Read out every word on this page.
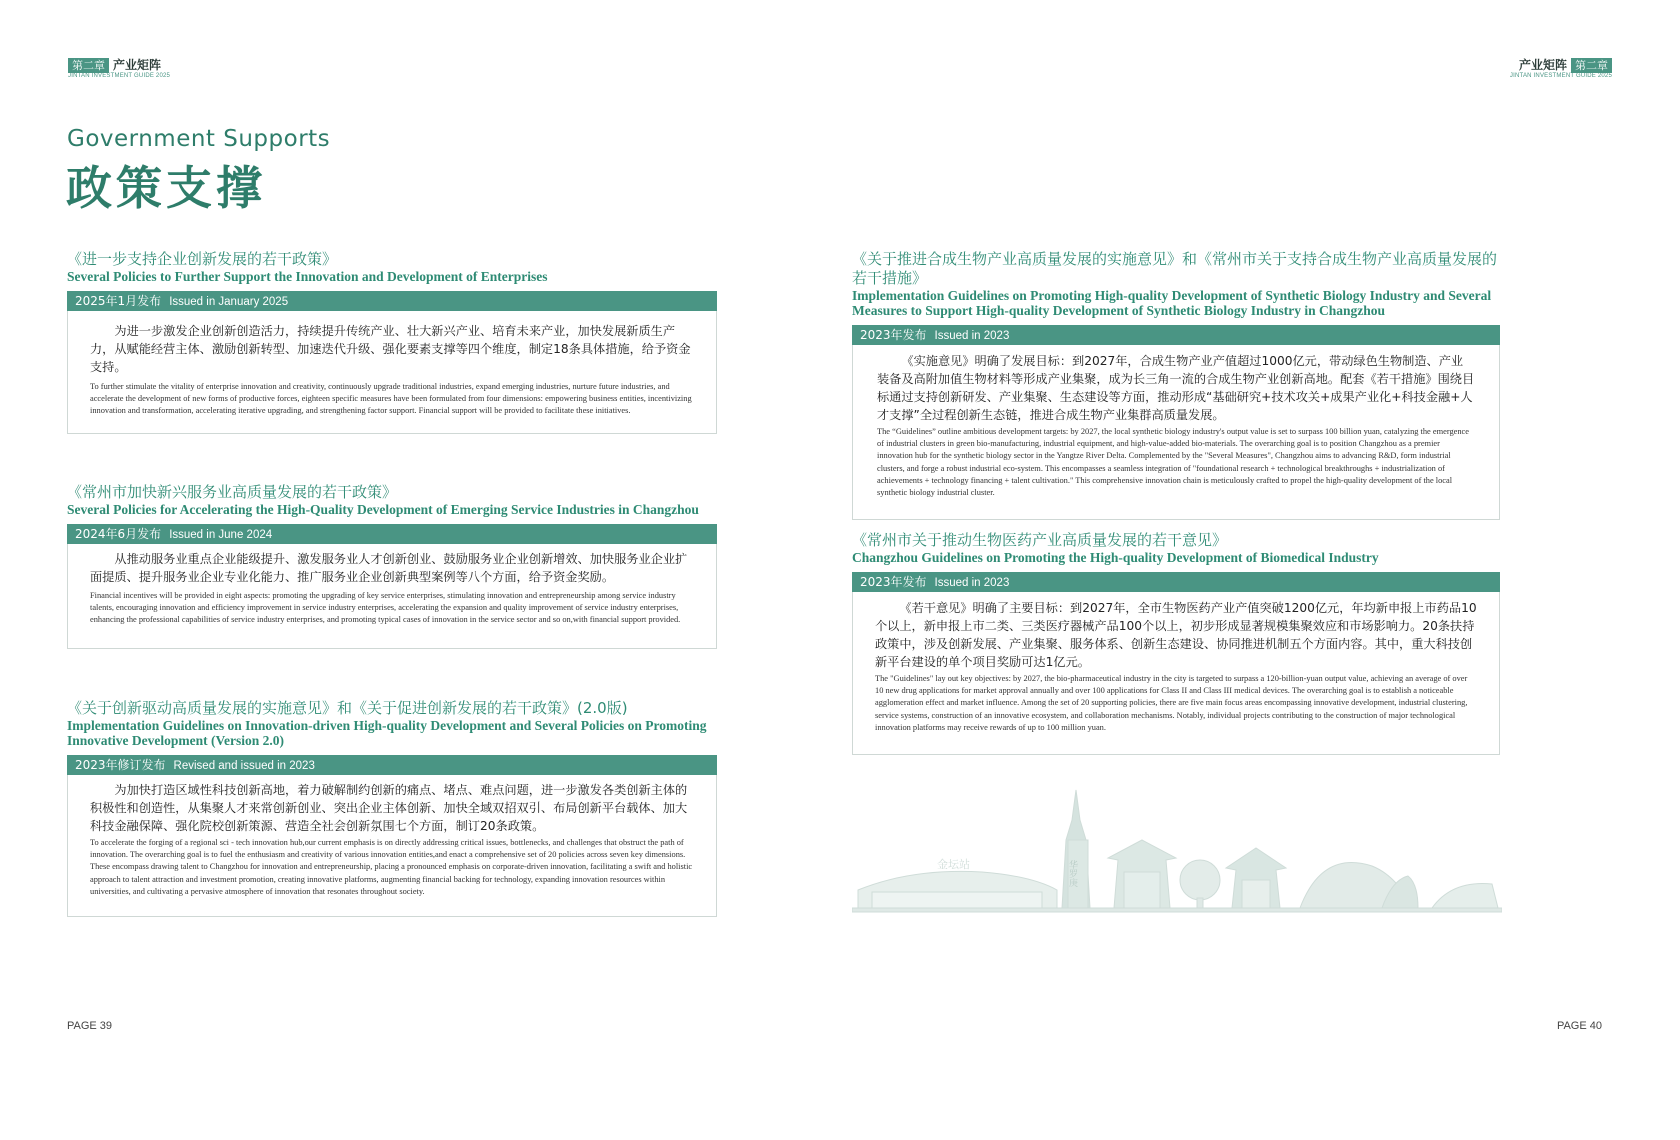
第二章 产业矩阵
JINTAN INVESTMENT GUIDE 2025
产业矩阵 第二章
JINTAN INVESTMENT GUIDE 2025
Government Supports
政策支撑
《进一步支持企业创新发展的若干政策》
Several Policies to Further Support the Innovation and Development of Enterprises
2025年1月发布 Issued in January 2025

为进一步激发企业创新创造活力，持续提升传统产业、壮大新兴产业、培育未来产业，加快发展新质生产力，从赋能经营主体、激励创新转型、加速迭代升级、强化要素支撑等四个维度，制定18条具体措施，给予资金支持。

To further stimulate the vitality of enterprise innovation and creativity, continuously upgrade traditional industries, expand emerging industries, nurture future industries, and accelerate the development of new forms of productive forces, eighteen specific measures have been formulated from four dimensions: empowering business entities, incentivizing innovation and transformation, accelerating iterative upgrading, and strengthening factor support. Financial support will be provided to facilitate these initiatives.

《常州市加快新兴服务业高质量发展的若干政策》
Several Policies for Accelerating the High-Quality Development of Emerging Service Industries in Changzhou
2024年6月发布 Issued in June 2024

从推动服务业重点企业能级提升、激发服务业人才创新创业、鼓励服务业企业创新增效、加快服务业企业扩面提质、提升服务业企业专业化能力、推广服务业企业创新典型案例等八个方面，给予资金奖励。

Financial incentives will be provided in eight aspects: promoting the upgrading of key service enterprises, stimulating innovation and entrepreneurship among service industry talents, encouraging innovation and efficiency improvement in service industry enterprises, accelerating the expansion and quality improvement of service industry enterprises, enhancing the professional capabilities of service industry enterprises, and promoting typical cases of innovation in the service sector and so on,with financial support provided.

《关于创新驱动高质量发展的实施意见》和《关于促进创新发展的若干政策》(2.0版)
Implementation Guidelines on Innovation-driven High-quality Development and Several Policies on Promoting Innovative Development (Version 2.0)
2023年修订发布 Revised and issued in 2023

为加快打造区域性科技创新高地，着力破解制约创新的痛点、堵点、难点问题，进一步激发各类创新主体的积极性和创造性，从集聚人才来常创新创业、突出企业主体创新、加快全域双招双引、布局创新平台载体、加大科技金融保障、强化院校创新策源、营造全社会创新氛围七个方面，制订20条政策。

To accelerate the forging of a regional sci - tech innovation hub,our current emphasis is on directly addressing critical issues, bottlenecks, and challenges that obstruct the path of innovation. The overarching goal is to fuel the enthusiasm and creativity of various innovation entities,and enact a comprehensive set of 20 policies across seven key dimensions. These encompass drawing talent to Changzhou for innovation and entrepreneurship, placing a pronounced emphasis on corporate-driven innovation, facilitating a swift and holistic approach to talent attraction and investment promotion, creating innovative platforms, augmenting financial backing for technology, expanding innovation resources within universities, and cultivating a pervasive atmosphere of innovation that resonates throughout society.

《关于推进合成生物产业高质量发展的实施意见》和《常州市关于支持合成生物产业高质量发展的若干措施》
Implementation Guidelines on Promoting High-quality Development of Synthetic Biology Industry and Several Measures to Support High-quality Development of Synthetic Biology Industry in Changzhou
2023年发布 Issued in 2023

《实施意见》明确了发展目标：到2027年，合成生物产业产值超过1000亿元，带动绿色生物制造、产业装备及高附加值生物材料等形成产业集聚，成为长三角一流的合成生物产业创新高地。配套《若干措施》围绕目标通过支持创新研发、产业集聚、生态建设等方面，推动形成“基础研究+技术攻关+成果产业化+科技金融+人才支撑”全过程创新生态链，推进合成生物产业集群高质量发展。

The “Guidelines” outline ambitious development targets: by 2027, the local synthetic biology industry's output value is set to surpass 100 billion yuan, catalyzing the emergence of industrial clusters in green bio-manufacturing, industrial equipment, and high-value-added bio-materials. The overarching goal is to position Changzhou as a premier innovation hub for the synthetic biology sector in the Yangtze River Delta. Complemented by the "Several Measures", Changzhou aims to advancing R&D, form industrial clusters, and forge a robust industrial eco-system. This encompasses a seamless integration of "foundational research + technological breakthroughs + industrialization of achievements + technology financing + talent cultivation." This comprehensive innovation chain is meticulously crafted to propel the high-quality development of the local synthetic biology industrial cluster.

《常州市关于推动生物医药产业高质量发展的若干意见》
Changzhou Guidelines on Promoting the High-quality Development of Biomedical Industry
2023年发布 Issued in 2023

《若干意见》明确了主要目标：到2027年，全市生物医药产业产值突破1200亿元，年均新申报上市药品10个以上，新申报上市二类、三类医疗器械产品100个以上，初步形成显著规模集聚效应和市场影响力。20条扶持政策中，涉及创新发展、产业集聚、服务体系、创新生态建设、协同推进机制五个方面内容。其中，重大科技创新平台建设的单个项目奖励可达1亿元。

The "Guidelines" lay out key objectives: by 2027, the bio-pharmaceutical industry in the city is targeted to surpass a 120-billion-yuan output value, achieving an average of over 10 new drug applications for market approval annually and over 100 applications for Class II and Class III medical devices. The overarching goal is to establish a noticeable agglomeration effect and market influence. Among the set of 20 supporting policies, there are five main focus areas encompassing innovative development, industrial clustering, service systems, construction of an innovative ecosystem, and collaboration mechanisms. Notably, individual projects contributing to the construction of major technological innovation platforms may receive rewards of up to 100 million yuan.

金坛站	华罗庚
PAGE 39	PAGE 40
